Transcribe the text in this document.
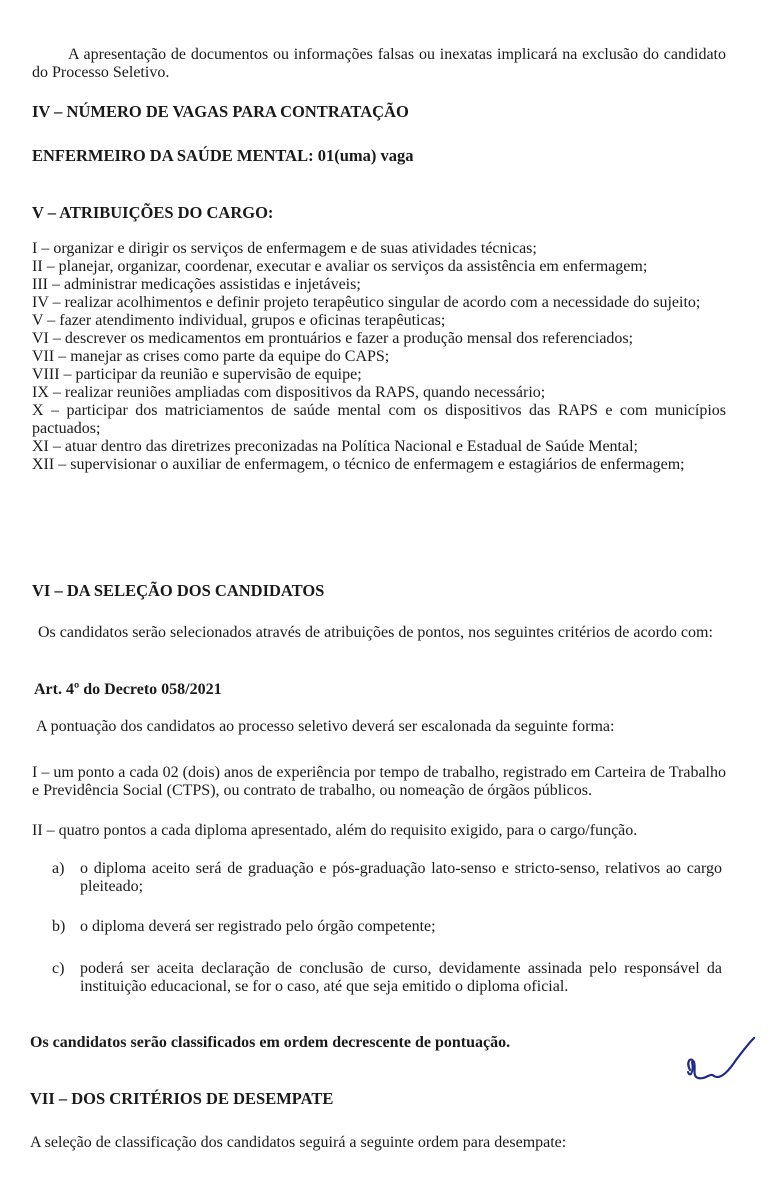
A apresentação de documentos ou informações falsas ou inexatas implicará na exclusão do candidato do Processo Seletivo.

IV – NÚMERO DE VAGAS PARA CONTRATAÇÃO

ENFERMEIRO DA SAÚDE MENTAL: 01(uma) vaga

V – ATRIBUIÇÕES DO CARGO:

I – organizar e dirigir os serviços de enfermagem e de suas atividades técnicas;

II – planejar, organizar, coordenar, executar e avaliar os serviços da assistência em enfermagem;

III – administrar medicações assistidas e injetáveis;

IV – realizar acolhimentos e definir projeto terapêutico singular de acordo com a necessidade do sujeito;

V – fazer atendimento individual, grupos e oficinas terapêuticas;

VI – descrever os medicamentos em prontuários e fazer a produção mensal dos referenciados;

VII – manejar as crises como parte da equipe do CAPS;

VIII – participar da reunião e supervisão de equipe;

IX – realizar reuniões ampliadas com dispositivos da RAPS, quando necessário;

X – participar dos matriciamentos de saúde mental com os dispositivos das RAPS e com municípios pactuados;

XI – atuar dentro das diretrizes preconizadas na Política Nacional e Estadual de Saúde Mental;

XII – supervisionar o auxiliar de enfermagem, o técnico de enfermagem e estagiários de enfermagem;

VI – DA SELEÇÃO DOS CANDIDATOS

Os candidatos serão selecionados através de atribuições de pontos, nos seguintes critérios de acordo com:

Art. 4º do Decreto 058/2021

A pontuação dos candidatos ao processo seletivo deverá ser escalonada da seguinte forma:

I – um ponto a cada 02 (dois) anos de experiência por tempo de trabalho, registrado em Carteira de Trabalho e Previdência Social (CTPS), ou contrato de trabalho, ou nomeação de órgãos públicos.

II – quatro pontos a cada diploma apresentado, além do requisito exigido, para o cargo/função.

a) o diploma aceito será de graduação e pós-graduação lato-senso e stricto-senso, relativos ao cargo pleiteado;
b) o diploma deverá ser registrado pelo órgão competente;
c) poderá ser aceita declaração de conclusão de curso, devidamente assinada pelo responsável da instituição educacional, se for o caso, até que seja emitido o diploma oficial.

Os candidatos serão classificados em ordem decrescente de pontuação.

VII – DOS CRITÉRIOS DE DESEMPATE

A seleção de classificação dos candidatos seguirá a seguinte ordem para desempate:
